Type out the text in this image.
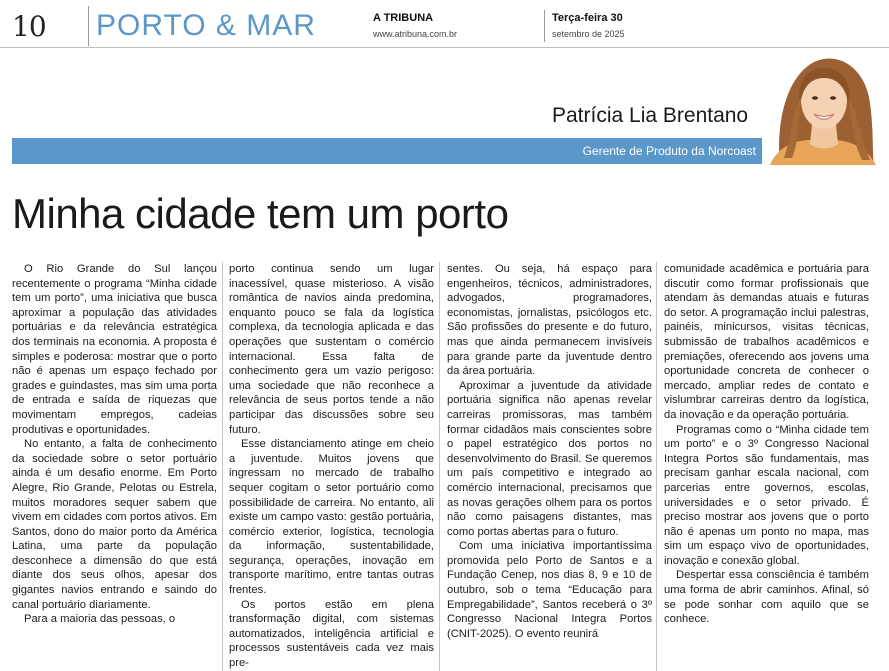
10 PORTO & MAR	A TRIBUNA
www.atribuna.com.br
Terça-feira 30
setembro de 2025
Patrícia Lia Brentano
Gerente de Produto da Norcoast
Minha cidade tem um porto

O Rio Grande do Sul lançou recentemente o programa “Minha cidade tem um porto”, uma iniciativa que busca aproximar a população das atividades portuárias e da relevância estratégica dos terminais na economia. A proposta é simples e poderosa: mostrar que o porto não é apenas um espaço fechado por grades e guindastes, mas sim uma porta de entrada e saída de riquezas que movimentam empregos, cadeias produtivas e oportunidades.

No entanto, a falta de conhecimento da sociedade sobre o setor portuário ainda é um desafio enorme. Em Porto Alegre, Rio Grande, Pelotas ou Estrela, muitos moradores sequer sabem que vivem em cidades com portos ativos. Em Santos, dono do maior porto da América Latina, uma parte da população desconhece a dimensão do que está diante dos seus olhos, apesar dos gigantes navios entrando e saindo do canal portuário diariamente.

Para a maioria das pessoas, o

porto continua sendo um lugar inacessível, quase misterioso. A visão romântica de navios ainda predomina, enquanto pouco se fala da logística complexa, da tecnologia aplicada e das operações que sustentam o comércio internacional. Essa falta de conhecimento gera um vazio perigoso: uma sociedade que não reconhece a relevância de seus portos tende a não participar das discussões sobre seu futuro.

Esse distanciamento atinge em cheio a juventude. Muitos jovens que ingressam no mercado de trabalho sequer cogitam o setor portuário como possibilidade de carreira. No entanto, ali existe um campo vasto: gestão portuária, comércio exterior, logística, tecnologia da informação, sustentabilidade, segurança, operações, inovação em transporte marítimo, entre tantas outras frentes.

Os portos estão em plena transformação digital, com sistemas automatizados, inteligência artificial e processos sustentáveis cada vez mais pre-

sentes. Ou seja, há espaço para engenheiros, técnicos, administradores, advogados, programadores, economistas, jornalistas, psicólogos etc. São profissões do presente e do futuro, mas que ainda permanecem invisíveis para grande parte da juventude dentro da área portuária.

Aproximar a juventude da atividade portuária significa não apenas revelar carreiras promissoras, mas também formar cidadãos mais conscientes sobre o papel estratégico dos portos no desenvolvimento do Brasil. Se queremos um país competitivo e integrado ao comércio internacional, precisamos que as novas gerações olhem para os portos não como paisagens distantes, mas como portas abertas para o futuro.

Com uma iniciativa importantíssima promovida pelo Porto de Santos e a Fundação Cenep, nos dias 8, 9 e 10 de outubro, sob o tema “Educação para Empregabilidade”, Santos receberá o 3º Congresso Nacional Integra Portos (CNIT-2025). O evento reunirá

comunidade acadêmica e portuária para discutir como formar profissionais que atendam às demandas atuais e futuras do setor. A programação inclui palestras, painéis, minicursos, visitas técnicas, submissão de trabalhos acadêmicos e premiações, oferecendo aos jovens uma oportunidade concreta de conhecer o mercado, ampliar redes de contato e vislumbrar carreiras dentro da logística, da inovação e da operação portuária.

Programas como o “Minha cidade tem um porto” e o 3º Congresso Nacional Integra Portos são fundamentais, mas precisam ganhar escala nacional, com parcerias entre governos, escolas, universidades e o setor privado. É preciso mostrar aos jovens que o porto não é apenas um ponto no mapa, mas sim um espaço vivo de oportunidades, inovação e conexão global.

Despertar essa consciência é também uma forma de abrir caminhos. Afinal, só se pode sonhar com aquilo que se conhece.
